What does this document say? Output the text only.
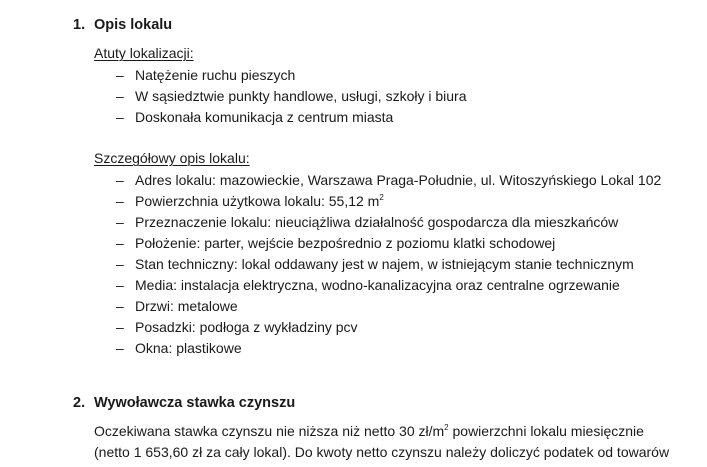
1. Opis lokalu
Atuty lokalizacji:
– Natężenie ruchu pieszych
– W sąsiedztwie punkty handlowe, usługi, szkoły i biura
– Doskonała komunikacja z centrum miasta
Szczegółowy opis lokalu:
– Adres lokalu: mazowieckie, Warszawa Praga-Południe, ul. Witoszyńskiego Lokal 102
– Powierzchnia użytkowa lokalu: 55,12 $m^2$
– Przeznaczenie lokalu: nieuciążliwa działalność gospodarcza dla mieszkańców
– Położenie: parter, wejście bezpośrednio z poziomu klatki schodowej
– Stan techniczny: lokal oddawany jest w najem, w istniejącym stanie technicznym
– Media: instalacja elektryczna, wodno-kanalizacyjna oraz centralne ogrzewanie
– Drzwi: metalowe
– Posadzki: podłoga z wykładziny pcv
– Okna: plastikowe
2. Wywoławcza stawka czynszu
Oczekiwana stawka czynszu nie niższa niż netto 30 $zł/m^2$ powierzchni lokalu miesięcznie
(netto 1 653,60 zł za cały lokal). Do kwoty netto czynszu należy doliczyć podatek od towarów
